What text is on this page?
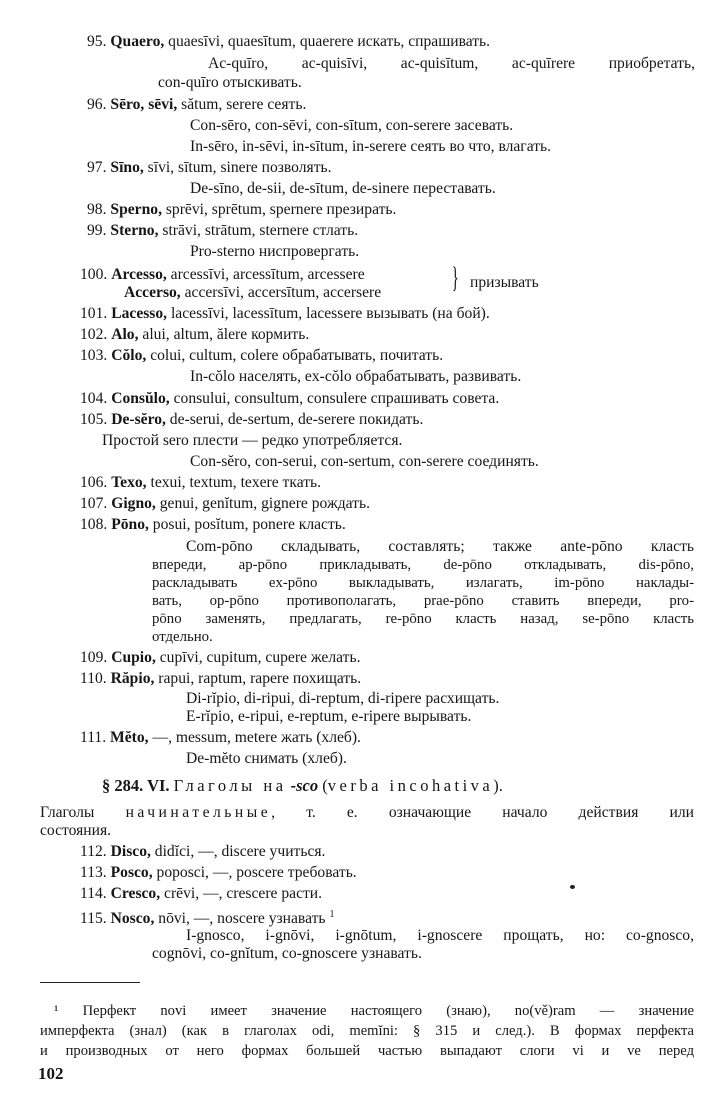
95. Quaero, quaesīvi, quaesītum, quaerere искать, спрашивать.
Ac-quīro, ac-quisīvi, ac-quisītum, ac-quīrere приобретать,
con-quīro отыскивать.
96. Sēro, sēvi, sătum, serere сеять.
Con-sēro, con-sēvi, con-sītum, con-serere засевать.
In-sēro, in-sēvi, in-sītum, in-serere сеять во что, влагать.
97. Sīno, sīvi, sītum, sinere позволять.
De-sīno, de-sii, de-sītum, de-sinere переставать.
98. Sperno, sprēvi, sprētum, spernere презирать.
99. Sterno, strāvi, strātum, sternere стлать.
Pro-sterno ниспровергать.
100. Arcesso, arcessīvi, arcessītum, arcessere
Accerso, accersīvi, accersītum, accersere } призывать
101. Lacesso, lacessīvi, lacessītum, lacessere вызывать (на бой).
102. Alo, alui, altum, ălere кормить.
103. Cŏlo, colui, cultum, colere обрабатывать, почитать.
In-cŏlo населять, ex-cŏlo обрабатывать, развивать.
104. Consŭlo, consului, consultum, consulere спрашивать совета.
105. De-sĕro, de-serui, de-sertum, de-serere покидать.
Простой sero плести — редко употребляется.
Con-sĕro, con-serui, con-sertum, con-serere соединять.
106. Texo, texui, textum, texere ткать.
107. Gigno, genui, genĭtum, gignere рождать.
108. Pōno, posui, posĭtum, ponere класть.
Com-pōno складывать, составлять; также ante-pōno класть
впереди, ap-pōno прикладывать, de-pōno откладывать, dis-pōno,
раскладывать ex-pōno выкладывать, излагать, im-pōno наклады-
вать, op-pōno противополагать, prae-pōno ставить впереди, pro-
pōno заменять, предлагать, re-pōno класть назад, se-pōno класть
отдельно.
109. Cupio, cupīvi, cupitum, cupere желать.
110. Răpio, rapui, raptum, rapere похищать.
Di-rĭpio, di-ripui, di-reptum, di-ripere расхищать.
E-rĭpio, e-ripui, e-reptum, e-ripere вырывать.
111. Mĕto, —, messum, metere жать (хлеб).
De-mĕto снимать (хлеб).
§ 284. VI. Глаголы на -sco (verba incohativa).
Глаголы начинательные, т. е. означающие начало действия или
состояния.
112. Disco, didĭci, —, discere учиться.
113. Posco, poposci, —, poscere требовать.
114. Cresco, crēvi, —, crescere расти.
115. Nosco, nōvi, —, noscere узнавать $^1$
I-gnosco, i-gnōvi, i-gnōtum, i-gnoscere прощать, но: co-gnosco,
cognōvi, co-gnĭtum, co-gnoscere узнавать.
¹ Перфект novi имеет значение настоящего (знаю), no(vě)ram — значение
имперфекта (знал) (как в глаголах odi, memĭni: § 315 и след.). В формах перфекта
и производных от него формах большей частью выпадают слоги vi и ve перед
102
